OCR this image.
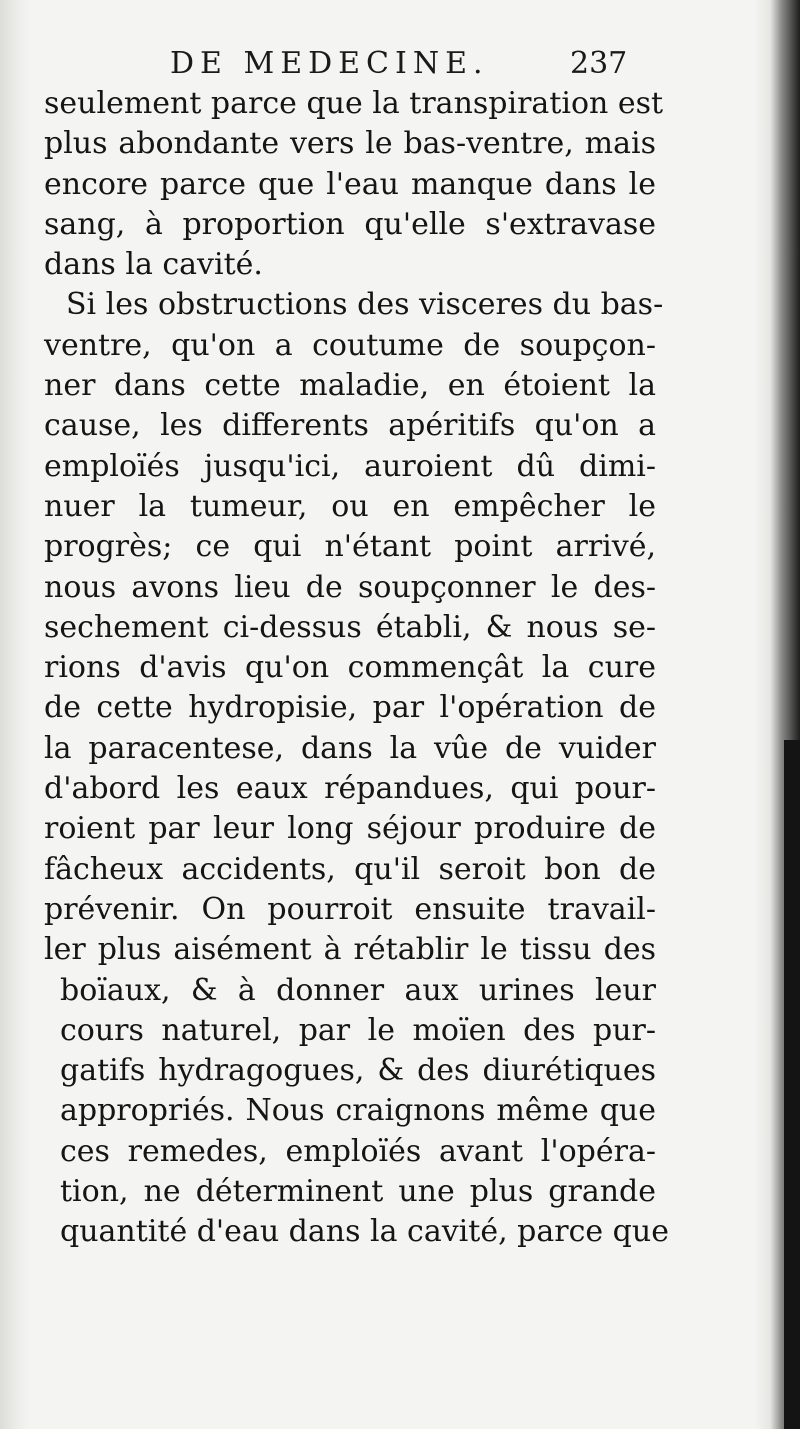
DE MEDECINE.	237
seulement parce que la transpiration est
plus abondante vers le bas-ventre, mais
encore parce que l'eau manque dans le
sang, à proportion qu'elle s'extravase
dans la cavité.
Si les obstructions des visceres du bas-
ventre, qu'on a coutume de soupçon-
ner dans cette maladie, en étoient la
cause, les differents apéritifs qu'on a
emploïés jusqu'ici, auroient dû dimi-
nuer la tumeur, ou en empêcher le
progrès; ce qui n'étant point arrivé,
nous avons lieu de soupçonner le des-
sechement ci-dessus établi, & nous se-
rions d'avis qu'on commençât la cure
de cette hydropisie, par l'opération de
la paracentese, dans la vûe de vuider
d'abord les eaux répandues, qui pour-
roient par leur long séjour produire de
fâcheux accidents, qu'il seroit bon de
prévenir. On pourroit ensuite travail-
ler plus aisément à rétablir le tissu des
boïaux, & à donner aux urines leur
cours naturel, par le moïen des pur-
gatifs hydragogues, & des diurétiques
appropriés. Nous craignons même que
ces remedes, emploïés avant l'opéra-
tion, ne déterminent une plus grande
quantité d'eau dans la cavité, parce que
